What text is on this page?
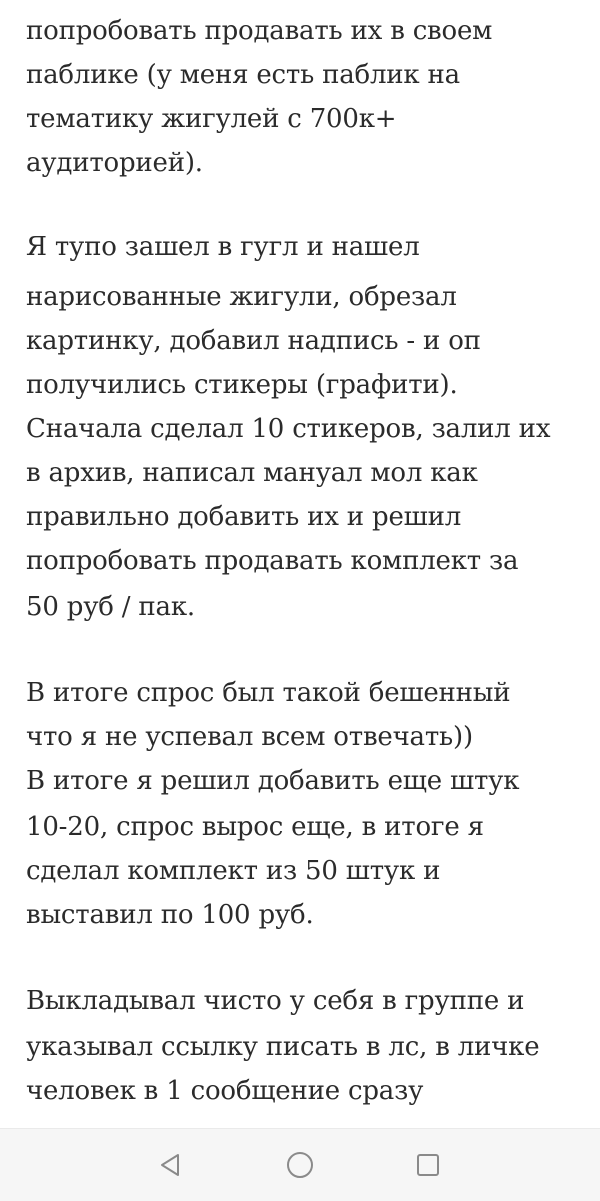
попробовать продавать их в своем
паблике (у меня есть паблик на
тематику жигулей с 700к+
аудиторией).
Я тупо зашел в гугл и нашел
нарисованные жигули, обрезал
картинку, добавил надпись - и оп
получились стикеры (графити).
Сначала сделал 10 стикеров, залил их
в архив, написал мануал мол как
правильно добавить их и решил
попробовать продавать комплект за
50 руб / пак.
В итоге спрос был такой бешенный
что я не успевал всем отвечать))
В итоге я решил добавить еще штук
10-20, спрос вырос еще, в итоге я
сделал комплект из 50 штук и
выставил по 100 руб.
Выкладывал чисто у себя в группе и
указывал ссылку писать в лс, в личке
человек в 1 сообщение сразу
